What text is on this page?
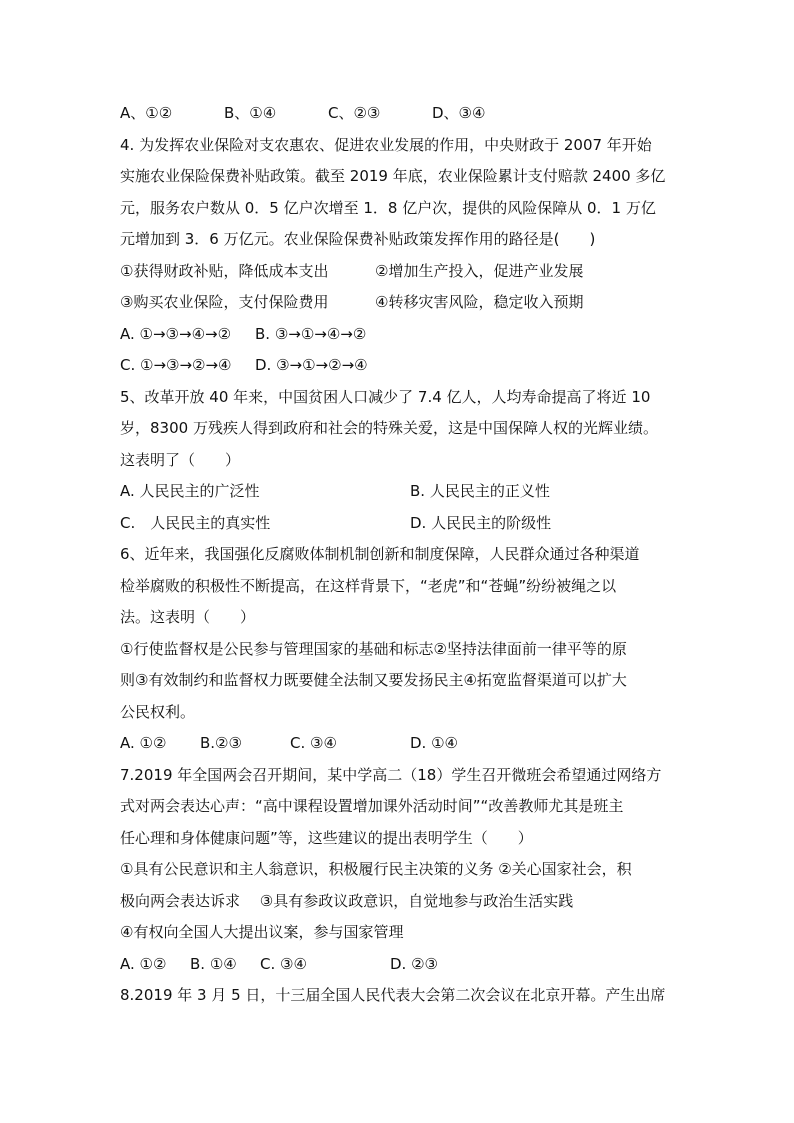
A、①②	B、①④	C、②③	D、③④
4. 为发挥农业保险对支农惠农、促进农业发展的作用，中央财政于 2007 年开始
实施农业保险保费补贴政策。截至 2019 年底，农业保险累计支付赔款 2400 多亿
元，服务农户数从 0．5 亿户次增至 1．8 亿户次，提供的风险保障从 0．1 万亿
元增加到 3．6 万亿元。农业保险保费补贴政策发挥作用的路径是(　　)
①获得财政补贴，降低成本支出	②增加生产投入，促进产业发展
③购买农业保险，支付保险费用	④转移灾害风险，稳定收入预期
A. ①→③→④→②	B. ③→①→④→②
C. ①→③→②→④	D. ③→①→②→④
5、改革开放 40 年来，中国贫困人口减少了 7.4 亿人，人均寿命提高了将近 10
岁，8300 万残疾人得到政府和社会的特殊关爱，这是中国保障人权的光辉业绩。
这表明了（　　）
A. 人民民主的广泛性	B. 人民民主的正义性
C.　人民民主的真实性	D. 人民民主的阶级性
6、近年来，我国强化反腐败体制机制创新和制度保障，人民群众通过各种渠道
检举腐败的积极性不断提高，在这样背景下，“老虎”和“苍蝇”纷纷被绳之以
法。这表明（　　）
①行使监督权是公民参与管理国家的基础和标志②坚持法律面前一律平等的原
则③有效制约和监督权力既要健全法制又要发扬民主④拓宽监督渠道可以扩大
公民权利。
A. ①②	B.②③	C. ③④	D. ①④
7.2019 年全国两会召开期间，某中学高二（18）学生召开微班会希望通过网络方
式对两会表达心声：“高中课程设置增加课外活动时间”“改善教师尤其是班主
任心理和身体健康问题”等，这些建议的提出表明学生（　　）
①具有公民意识和主人翁意识，积极履行民主决策的义务 ②关心国家社会，积
极向两会表达诉求　 ③具有参政议政意识，自觉地参与政治生活实践
④有权向全国人大提出议案，参与国家管理
A. ①②	B. ①④	C. ③④	D. ②③
8.2019 年 3 月 5 日，十三届全国人民代表大会第二次会议在北京开幕。产生出席
